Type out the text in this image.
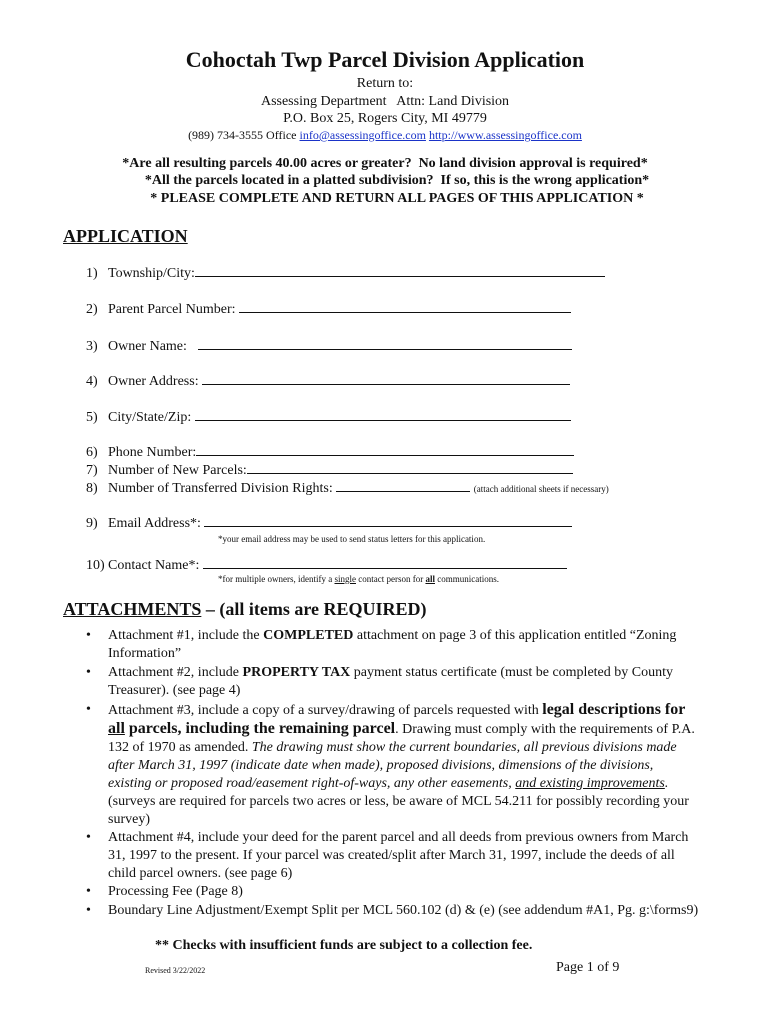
Cohoctah Twp Parcel Division Application
Return to:
Assessing Department   Attn: Land Division
P.O. Box 25, Rogers City, MI 49779
(989) 734-3555 Office info@assessingoffice.com http://www.assessingoffice.com
*Are all resulting parcels 40.00 acres or greater?  No land division approval is required*
*All the parcels located in a platted subdivision?  If so, this is the wrong application*
* PLEASE COMPLETE AND RETURN ALL PAGES OF THIS APPLICATION *
APPLICATION
1) Township/City:
2) Parent Parcel Number:
3) Owner Name:
4) Owner Address:
5) City/State/Zip:
6) Phone Number:
7) Number of New Parcels:
8) Number of Transferred Division Rights:	(attach additional sheets if necessary)
9) Email Address*:
*your email address may be used to send status letters for this application.
10) Contact Name*:
*for multiple owners, identify a single contact person for all communications.
ATTACHMENTS – (all items are REQUIRED)
• Attachment #1, include the COMPLETED attachment on page 3 of this application entitled “Zoning Information”
• Attachment #2, include PROPERTY TAX payment status certificate (must be completed by County Treasurer). (see page 4)
• Attachment #3, include a copy of a survey/drawing of parcels requested with legal descriptions for all parcels, including the remaining parcel. Drawing must comply with the requirements of P.A. 132 of 1970 as amended. The drawing must show the current boundaries, all previous divisions made after March 31, 1997 (indicate date when made), proposed divisions, dimensions of the divisions, existing or proposed road/easement right-of-ways, any other easements, and existing improvements. (surveys are required for parcels two acres or less, be aware of MCL 54.211 for possibly recording your survey)
• Attachment #4, include your deed for the parent parcel and all deeds from previous owners from March 31, 1997 to the present. If your parcel was created/split after March 31, 1997, include the deeds of all child parcel owners. (see page 6)
• Processing Fee (Page 8)
• Boundary Line Adjustment/Exempt Split per MCL 560.102 (d) & (e) (see addendum #A1, Pg. g:\forms9)
** Checks with insufficient funds are subject to a collection fee.
Revised 3/22/2022	Page 1 of 9
